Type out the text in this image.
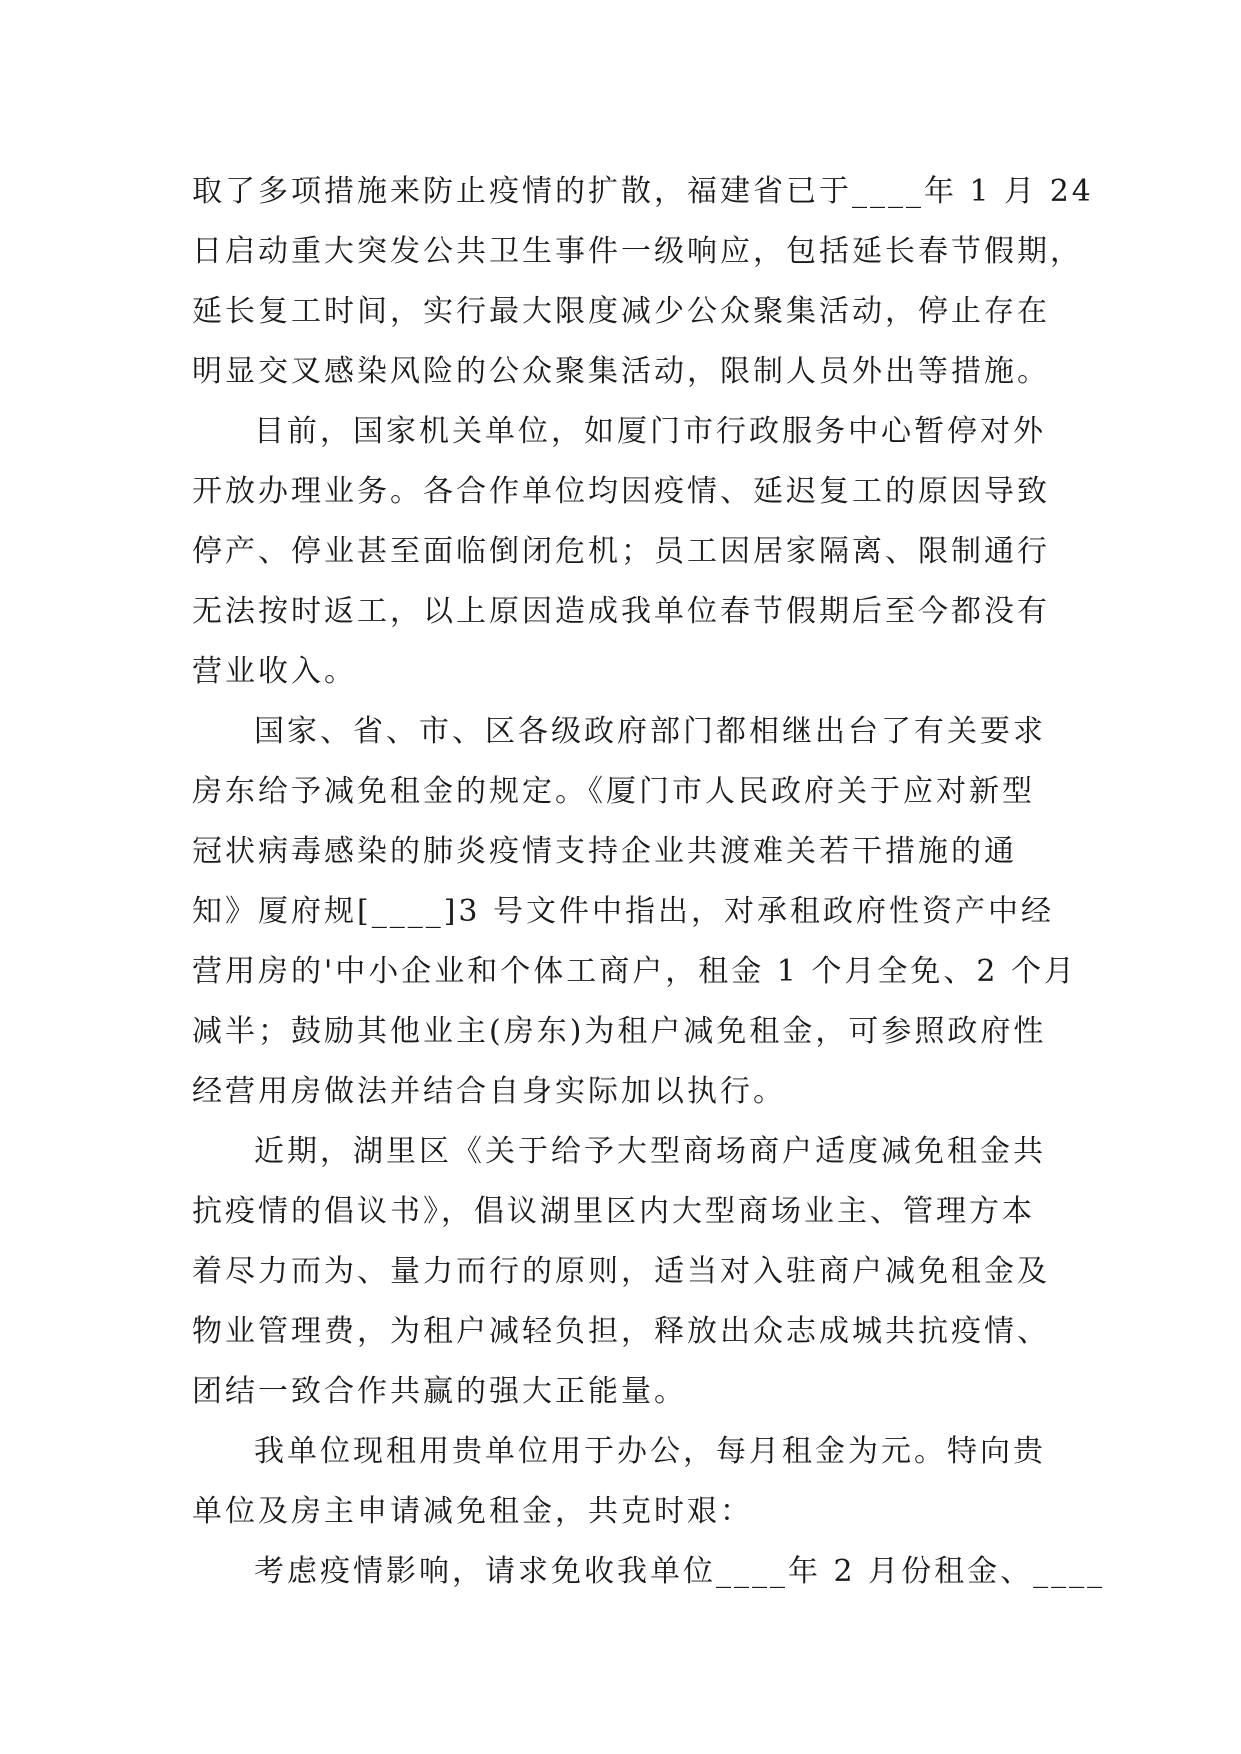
取了多项措施来防止疫情的扩散，福建省已于____年 1 月 24
日启动重大突发公共卫生事件一级响应，包括延长春节假期，
延长复工时间，实行最大限度减少公众聚集活动，停止存在
明显交叉感染风险的公众聚集活动，限制人员外出等措施。
目前，国家机关单位，如厦门市行政服务中心暂停对外
开放办理业务。各合作单位均因疫情、延迟复工的原因导致
停产、停业甚至面临倒闭危机；员工因居家隔离、限制通行
无法按时返工，以上原因造成我单位春节假期后至今都没有
营业收入。
国家、省、市、区各级政府部门都相继出台了有关要求
房东给予减免租金的规定。《厦门市人民政府关于应对新型
冠状病毒感染的肺炎疫情支持企业共渡难关若干措施的通
知》厦府规[____]3 号文件中指出，对承租政府性资产中经
营用房的'中小企业和个体工商户，租金 1 个月全免、2 个月
减半；鼓励其他业主(房东)为租户减免租金，可参照政府性
经营用房做法并结合自身实际加以执行。
近期，湖里区《关于给予大型商场商户适度减免租金共
抗疫情的倡议书》，倡议湖里区内大型商场业主、管理方本
着尽力而为、量力而行的原则，适当对入驻商户减免租金及
物业管理费，为租户减轻负担，释放出众志成城共抗疫情、
团结一致合作共赢的强大正能量。
我单位现租用贵单位用于办公，每月租金为元。特向贵
单位及房主申请减免租金，共克时艰：
考虑疫情影响，请求免收我单位____年 2 月份租金、____
